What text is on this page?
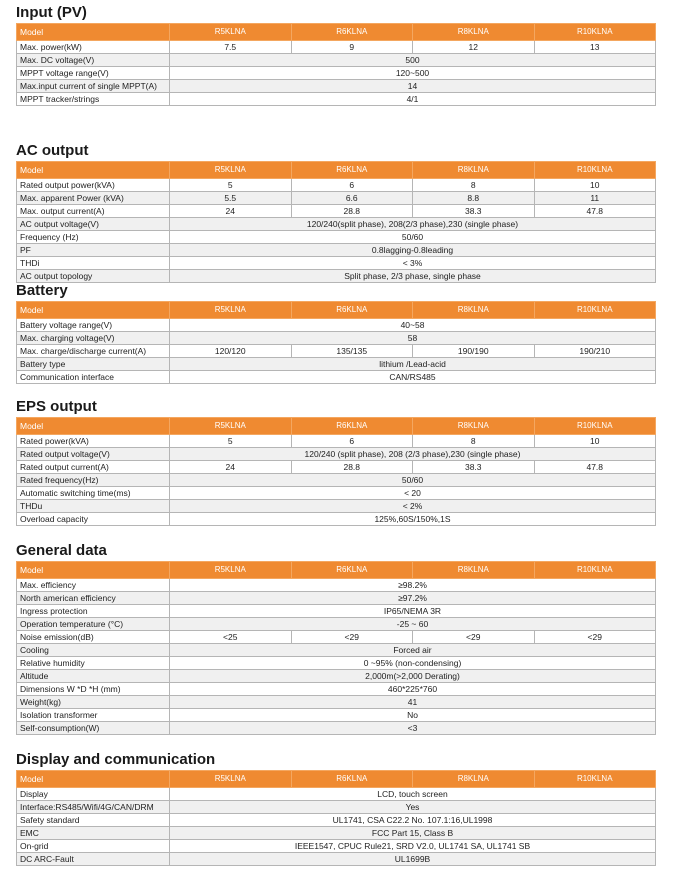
Input (PV)
Model	R5KLNA	R6KLNA	R8KLNA	R10KLNA
Max. power(kW)	7.5	9	12	13
Max. DC voltage(V)	500			
MPPT voltage range(V)	120~500			
Max.input current of single MPPT(A)	14			
MPPT tracker/strings	4/1			
AC output
Model	R5KLNA	R6KLNA	R8KLNA	R10KLNA
Rated output power(kVA)	5	6	8	10
Max. apparent Power (kVA)	5.5	6.6	8.8	11
Max. output current(A)	24	28.8	38.3	47.8
AC output voltage(V)	120/240(split phase), 208(2/3 phase),230 (single phase)			
Frequency (Hz)	50/60			
PF	0.8lagging-0.8leading			
THDi	< 3%			
AC output topology	Split phase, 2/3 phase, single phase			
Battery
Model	R5KLNA	R6KLNA	R8KLNA	R10KLNA
Battery voltage range(V)	40~58			
Max. charging voltage(V)	58			
Max. charge/discharge current(A)	120/120	135/135	190/190	190/210
Battery type	lithium /Lead-acid			
Communication interface	CAN/RS485			
EPS output
Model	R5KLNA	R6KLNA	R8KLNA	R10KLNA
Rated power(kVA)	5	6	8	10
Rated output voltage(V)	120/240 (split phase), 208 (2/3 phase),230 (single phase)			
Rated output current(A)	24	28.8	38.3	47.8
Rated frequency(Hz)	50/60			
Automatic switching time(ms)	< 20			
THDu	< 2%			
Overload capacity	125%,60S/150%,1S			
General data
Model	R5KLNA	R6KLNA	R8KLNA	R10KLNA
Max. efficiency	≥98.2%			
North american efficiency	≥97.2%			
Ingress protection	IP65/NEMA 3R			
Operation temperature (°C)	-25 ~ 60			
Noise emission(dB)	<25	<29	<29	<29
Cooling	Forced air			
Relative humidity	0 ~95% (non-condensing)			
Altitude	2,000m(>2,000 Derating)			
Dimensions W *D *H (mm)	460*225*760			
Weight(kg)	41			
Isolation transformer	No			
Self-consumption(W)	<3			
Display and communication
Model	R5KLNA	R6KLNA	R8KLNA	R10KLNA
Display	LCD, touch screen			
Interface:RS485/Wifi/4G/CAN/DRM	Yes			
Safety standard	UL1741, CSA C22.2 No. 107.1:16,UL1998			
EMC	FCC Part 15, Class B			
On-grid	IEEE1547, CPUC Rule21, SRD V2.0, UL1741 SA, UL1741 SB			
DC ARC-Fault	UL1699B			
